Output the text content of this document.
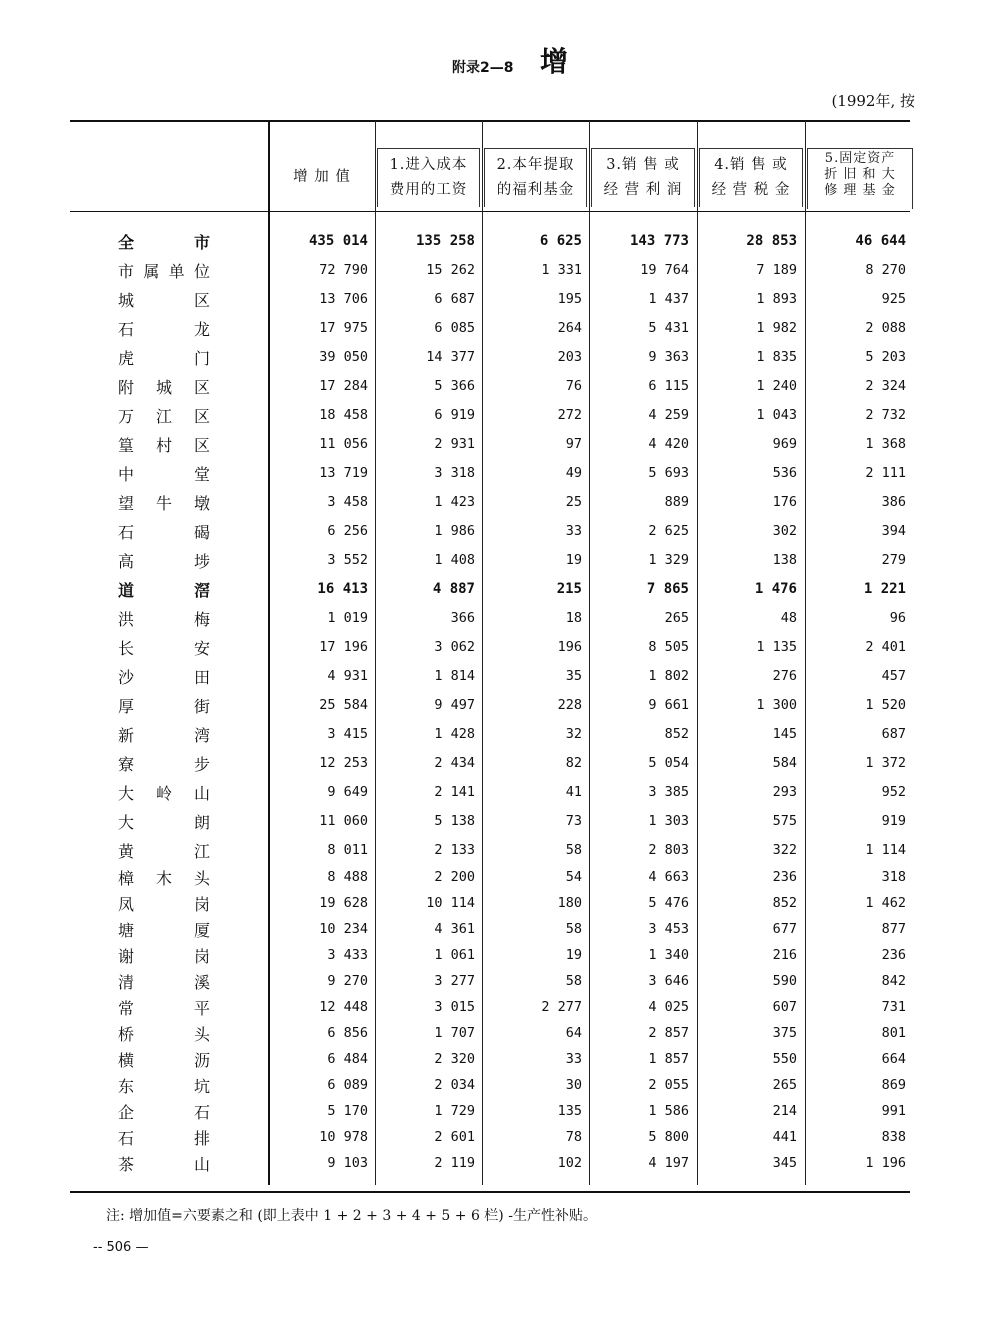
附录2—8 增
(1992年, 按
增 加 值
1.进入成本
费用的工资
2.本年提取
的福利基金
3.销 售 或
经 营 利 润
4.销 售 或
经 营 税 金
5.固定资产
折 旧 和 大
修 理 基 金
全	市	435 014	135 258	6 625	143 773	28 853	46 644
市 属 单 位	72 790	15 262	1 331	19 764	7 189	8 270
城	区	13 706	6 687	195	1 437	1 893	925
石	龙	17 975	6 085	264	5 431	1 982	2 088
虎	门	39 050	14 377	203	9 363	1 835	5 203
附 城 区	17 284	5 366	76	6 115	1 240	2 324
万 江 区	18 458	6 919	272	4 259	1 043	2 732
篁 村 区	11 056	2 931	97	4 420	969	1 368
中	堂	13 719	3 318	49	5 693	536	2 111
望 牛 墩	3 458	1 423	25	889	176	386
石	碣	6 256	1 986	33	2 625	302	394
高	埗	3 552	1 408	19	1 329	138	279
道	滘	16 413	4 887	215	7 865	1 476	1 221
洪	梅	1 019	366	18	265	48	96
长	安	17 196	3 062	196	8 505	1 135	2 401
沙	田	4 931	1 814	35	1 802	276	457
厚	街	25 584	9 497	228	9 661	1 300	1 520
新	湾	3 415	1 428	32	852	145	687
寮	步	12 253	2 434	82	5 054	584	1 372
大 岭 山	9 649	2 141	41	3 385	293	952
大	朗	11 060	5 138	73	1 303	575	919
黄	江	8 011	2 133	58	2 803	322	1 114
樟 木 头	8 488	2 200	54	4 663	236	318
凤	岗	19 628	10 114	180	5 476	852	1 462
塘	厦	10 234	4 361	58	3 453	677	877
谢	岗	3 433	1 061	19	1 340	216	236
清	溪	9 270	3 277	58	3 646	590	842
常	平	12 448	3 015	2 277	4 025	607	731
桥	头	6 856	1 707	64	2 857	375	801
横	沥	6 484	2 320	33	1 857	550	664
东	坑	6 089	2 034	30	2 055	265	869
企	石	5 170	1 729	135	1 586	214	991
石	排	10 978	2 601	78	5 800	441	838
茶	山	9 103	2 119	102	4 197	345	1 196
注: 增加值=六要素之和 (即上表中 1 + 2 + 3 + 4 + 5 + 6 栏) -生产性补贴。
-- 506 —
